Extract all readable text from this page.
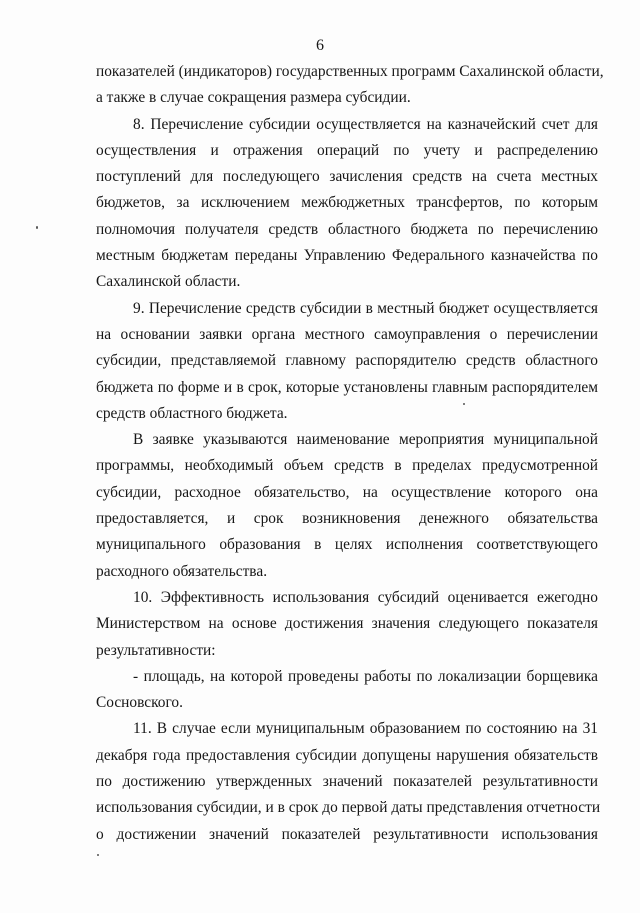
6

показателей (индикаторов) государственных программ Сахалинской области,
а также в случае сокращения размера субсидии.

8. Перечисление субсидии осуществляется на казначейский счет для
осуществления и отражения операций по учету и распределению
поступлений для последующего зачисления средств на счета местных
бюджетов, за исключением межбюджетных трансфертов, по которым
полномочия получателя средств областного бюджета по перечислению
местным бюджетам переданы Управлению Федерального казначейства по
Сахалинской области.

9. Перечисление средств субсидии в местный бюджет осуществляется
на основании заявки органа местного самоуправления о перечислении
субсидии, представляемой главному распорядителю средств областного
бюджета по форме и в срок, которые установлены главным распорядителем
средств областного бюджета.

В заявке указываются наименование мероприятия муниципальной
программы, необходимый объем средств в пределах предусмотренной
субсидии, расходное обязательство, на осуществление которого она
предоставляется, и срок возникновения денежного обязательства
муниципального образования в целях исполнения соответствующего
расходного обязательства.

10. Эффективность использования субсидий оценивается ежегодно
Министерством на основе достижения значения следующего показателя
результативности:

- площадь, на которой проведены работы по локализации борщевика
Сосновского.

11. В случае если муниципальным образованием по состоянию на 31
декабря года предоставления субсидии допущены нарушения обязательств
по достижению утвержденных значений показателей результативности
использования субсидии, и в срок до первой даты представления отчетности
о достижении значений показателей результативности использования
